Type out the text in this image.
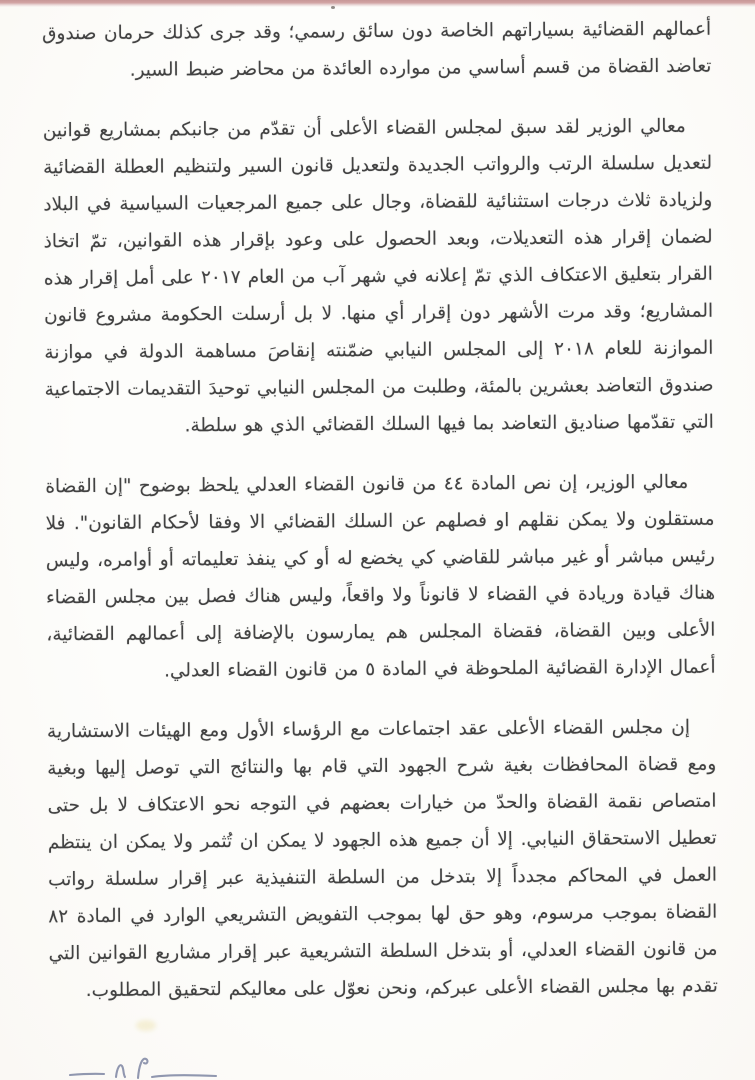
أعمالهم القضائية بسياراتهم الخاصة دون سائق رسمي؛ وقد جرى كذلك حرمان صندوق تعاضد القضاة من قسم أساسي من موارده العائدة من محاضر ضبط السير.

معالي الوزير لقد سبق لمجلس القضاء الأعلى أن تقدّم من جانبكم بمشاريع قوانين لتعديل سلسلة الرتب والرواتب الجديدة ولتعديل قانون السير ولتنظيم العطلة القضائية ولزيادة ثلاث درجات استثنائية للقضاة، وجال على جميع المرجعيات السياسية في البلاد لضمان إقرار هذه التعديلات، وبعد الحصول على وعود بإقرار هذه القوانين، تمّ اتخاذ القرار بتعليق الاعتكاف الذي تمّ إعلانه في شهر آب من العام ٢٠١٧ على أمل إقرار هذه المشاريع؛ وقد مرت الأشهر دون إقرار أي منها. لا بل أرسلت الحكومة مشروع قانون الموازنة للعام ٢٠١٨ إلى المجلس النيابي ضمّنته إنقاصَ مساهمة الدولة في موازنة صندوق التعاضد بعشرين بالمئة، وطلبت من المجلس النيابي توحيدَ التقديمات الاجتماعية التي تقدّمها صناديق التعاضد بما فيها السلك القضائي الذي هو سلطة.

معالي الوزير، إن نص المادة ٤٤ من قانون القضاء العدلي يلحظ بوضوح "إن القضاة مستقلون ولا يمكن نقلهم او فصلهم عن السلك القضائي الا وفقا لأحكام القانون". فلا رئيس مباشر أو غير مباشر للقاضي كي يخضع له أو كي ينفذ تعليماته أو أوامره، وليس هناك قيادة وريادة في القضاء لا قانوناً ولا واقعاً، وليس هناك فصل بين مجلس القضاء الأعلى وبين القضاة، فقضاة المجلس هم يمارسون بالإضافة إلى أعمالهم القضائية، أعمال الإدارة القضائية الملحوظة في المادة ٥ من قانون القضاء العدلي.

إن مجلس القضاء الأعلى عقد اجتماعات مع الرؤساء الأول ومع الهيئات الاستشارية ومع قضاة المحافظات بغية شرح الجهود التي قام بها والنتائج التي توصل إليها وبغية امتصاص نقمة القضاة والحدّ من خيارات بعضهم في التوجه نحو الاعتكاف لا بل حتى تعطيل الاستحقاق النيابي. إلا أن جميع هذه الجهود لا يمكن ان تُثمر ولا يمكن ان ينتظم العمل في المحاكم مجدداً إلا بتدخل من السلطة التنفيذية عبر إقرار سلسلة رواتب القضاة بموجب مرسوم، وهو حق لها بموجب التفويض التشريعي الوارد في المادة ٨٢ من قانون القضاء العدلي، أو بتدخل السلطة التشريعية عبر إقرار مشاريع القوانين التي تقدم بها مجلس القضاء الأعلى عبركم، ونحن نعوّل على معاليكم لتحقيق المطلوب.
